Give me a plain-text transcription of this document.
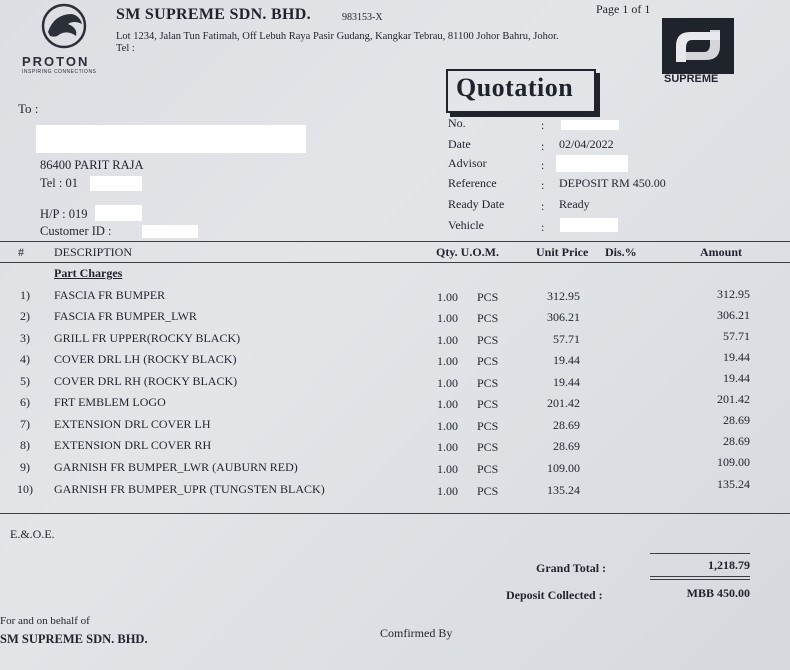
PROTON
INSPIRING CONNECTIONS
SM SUPREME SDN. BHD.	983153-X
Page 1 of 1
Lot 1234, Jalan Tun Fatimah, Off Lebuh Raya Pasir Gudang, Kangkar Tebrau, 81100 Johor Bahru, Johor.
Tel :
SUPREME
Quotation
To :
86400 PARIT RAJA
Tel : 01
H/P : 019
Customer ID :
No.	:
Date	: 02/04/2022
Advisor	:
Reference	: DEPOSIT RM 450.00
Ready Date	: Ready
Vehicle	:
#	DESCRIPTION	Qty. U.O.M.	Unit Price Dis.%	Amount
Part Charges
1) FASCIA FR BUMPER	1.00 PCS	312.95	312.95
2) FASCIA FR BUMPER_LWR	1.00 PCS	306.21	306.21
3) GRILL FR UPPER(ROCKY BLACK)	1.00 PCS	57.71	57.71
4) COVER DRL LH (ROCKY BLACK)	1.00 PCS	19.44	19.44
5) COVER DRL RH (ROCKY BLACK)	1.00 PCS	19.44	19.44
6) FRT EMBLEM LOGO	1.00 PCS	201.42	201.42
7) EXTENSION DRL COVER LH	1.00 PCS	28.69	28.69
8) EXTENSION DRL COVER RH	1.00 PCS	28.69	28.69
9) GARNISH FR BUMPER_LWR (AUBURN RED)	1.00 PCS	109.00	109.00
10) GARNISH FR BUMPER_UPR (TUNGSTEN BLACK)	1.00 PCS	135.24	135.24
E.&.O.E.
Grand Total :	1,218.79
Deposit Collected :	MBB 450.00
For and on behalf of
SM SUPREME SDN. BHD.	Comfirmed By
